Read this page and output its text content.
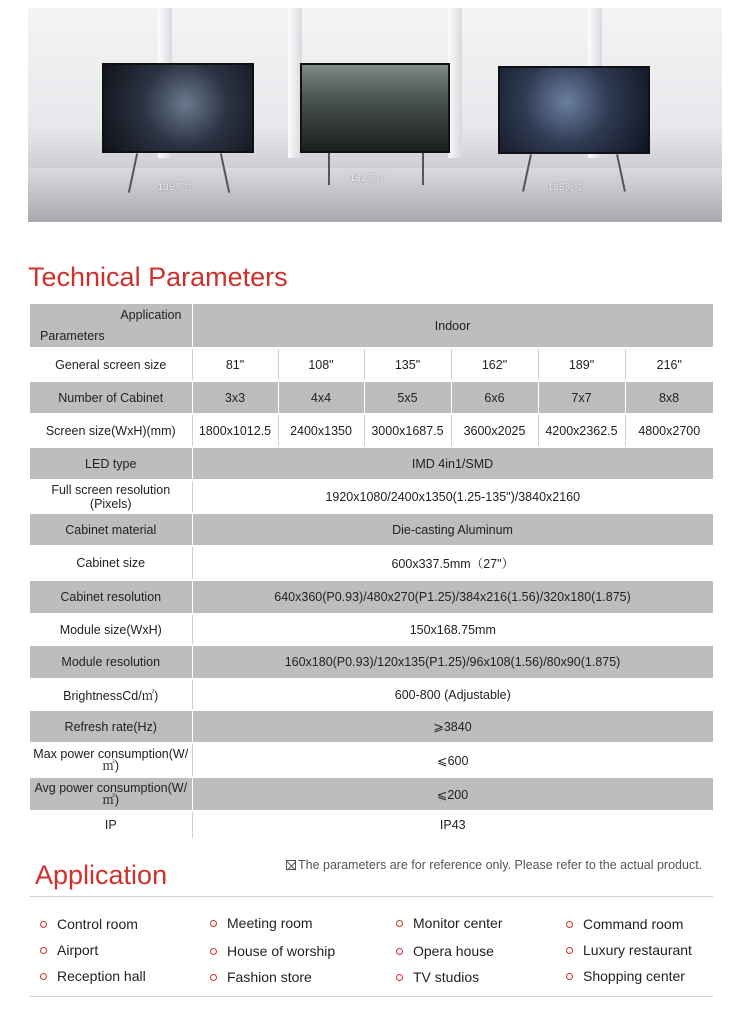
135英寸
162英寸
135英寸
Technical Parameters
Application
Parameters	Indoor					
General screen size	81"	108"	135"	162"	189"	216"
Number of Cabinet	3x3	4x4	5x5	6x6	7x7	8x8
Screen size(WxH)(mm)	1800x1012.5	2400x1350	3000x1687.5	3600x2025	4200x2362.5	4800x2700
LED type	IMD 4in1/SMD					
Full screen resolution (Pixels)	1920x1080/2400x1350(1.25-135")/3840x2160					
Cabinet material	Die-casting Aluminum					
Cabinet size	600x337.5mm（27"）					
Cabinet resolution	640x360(P0.93)/480x270(P1.25)/384x216(1.56)/320x180(1.875)					
Module size(WxH)	150x168.75mm					
Module resolution	160x180(P0.93)/120x135(P1.25)/96x108(1.56)/80x90(1.875)					
BrightnessCd/㎡)	600-800 (Adjustable)					
Refresh rate(Hz)	⩾3840					
Max power consumption(W/㎡)	⩽600					
Avg power consumption(W/㎡)	⩽200					
IP	IP43					
The parameters are for reference only. Please refer to the actual product.
Application
Control room	Meeting room	Monitor center	Command room
Airport	House of worship	Opera house	Luxury restaurant
Reception hall	Fashion store	TV studios	Shopping center
